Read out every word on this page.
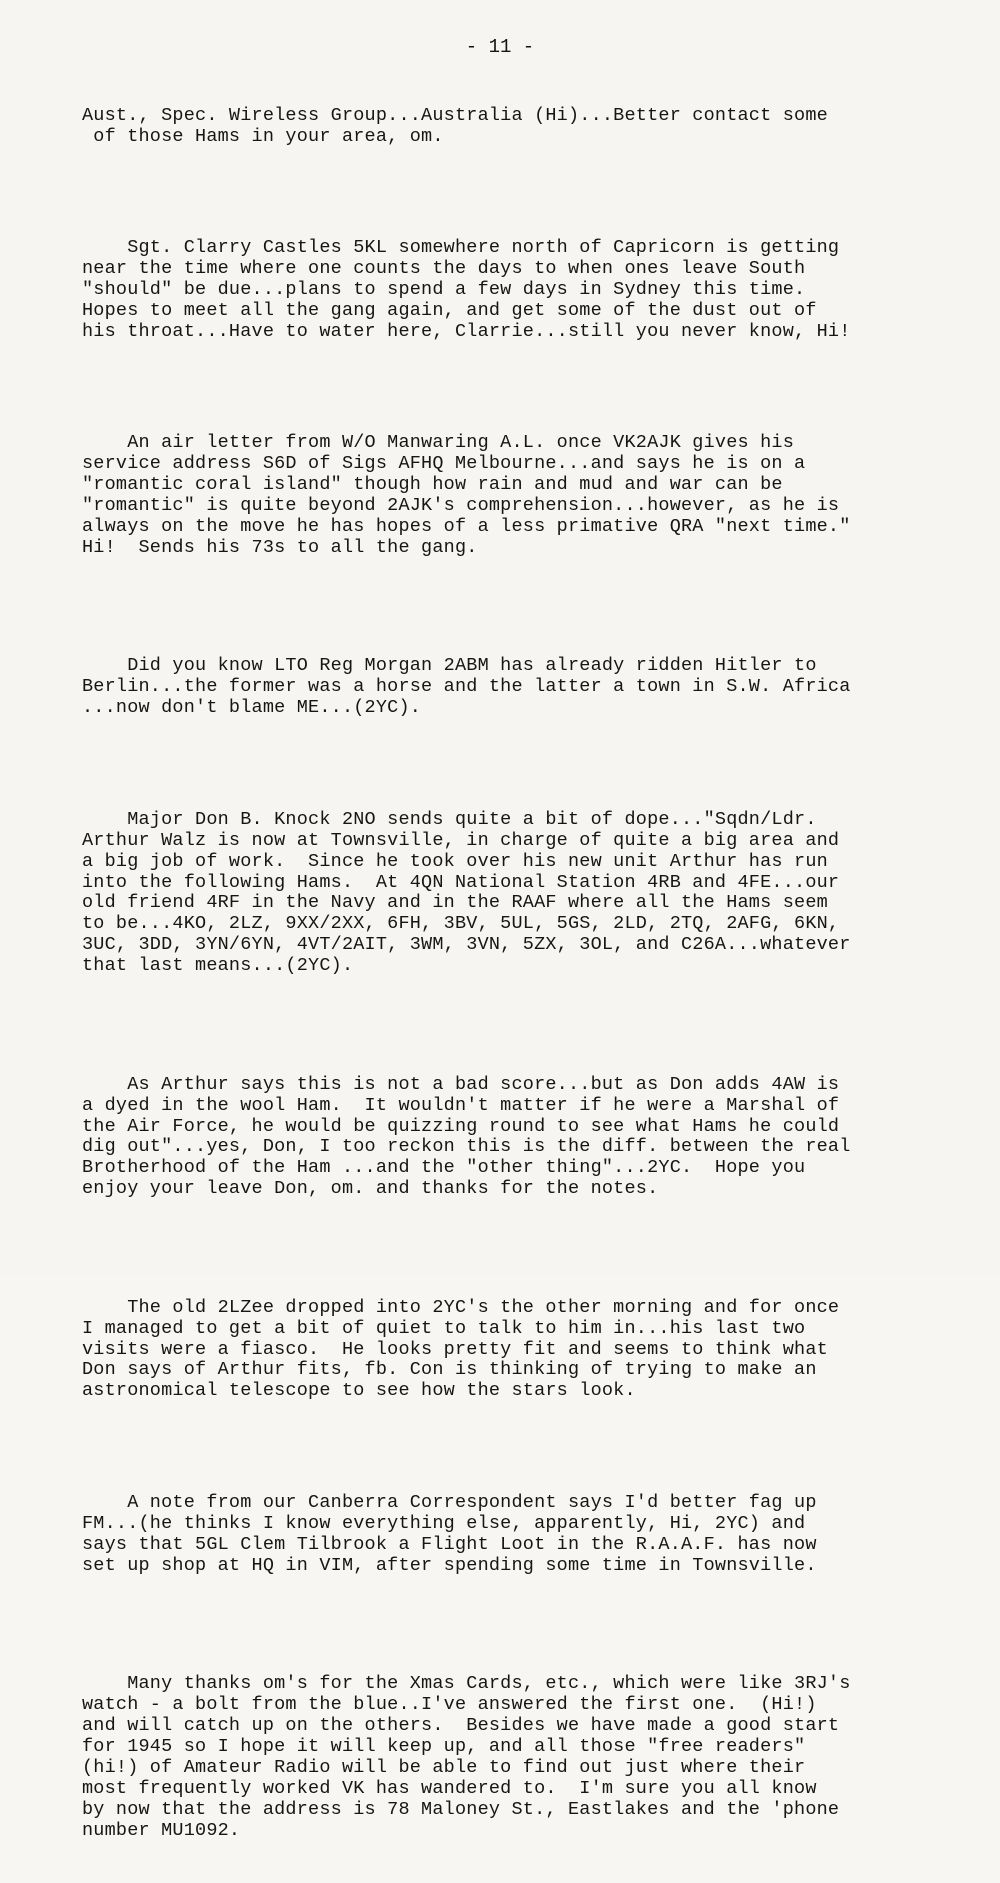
- 11 -

Aust., Spec. Wireless Group...Australia (Hi)...Better contact some
of those Hams in your area, om.

Sgt. Clarry Castles 5KL somewhere north of Capricorn is getting
near the time where one counts the days to when ones leave South
"should" be due...plans to spend a few days in Sydney this time.
Hopes to meet all the gang again, and get some of the dust out of
his throat...Have to water here, Clarrie...still you never know, Hi!

An air letter from W/O Manwaring A.L. once VK2AJK gives his
service address S6D of Sigs AFHQ Melbourne...and says he is on a
"romantic coral island" though how rain and mud and war can be
"romantic" is quite beyond 2AJK's comprehension...however, as he is
always on the move he has hopes of a less primative QRA "next time."
Hi!  Sends his 73s to all the gang.

Did you know LTO Reg Morgan 2ABM has already ridden Hitler to
Berlin...the former was a horse and the latter a town in S.W. Africa
...now don't blame ME...(2YC).

Major Don B. Knock 2NO sends quite a bit of dope..."Sqdn/Ldr.
Arthur Walz is now at Townsville, in charge of quite a big area and
a big job of work.  Since he took over his new unit Arthur has run
into the following Hams.  At 4QN National Station 4RB and 4FE...our
old friend 4RF in the Navy and in the RAAF where all the Hams seem
to be...4KO, 2LZ, 9XX/2XX, 6FH, 3BV, 5UL, 5GS, 2LD, 2TQ, 2AFG, 6KN,
3UC, 3DD, 3YN/6YN, 4VT/2AIT, 3WM, 3VN, 5ZX, 3OL, and C26A...whatever
that last means...(2YC).

As Arthur says this is not a bad score...but as Don adds 4AW is
a dyed in the wool Ham.  It wouldn't matter if he were a Marshal of
the Air Force, he would be quizzing round to see what Hams he could
dig out"...yes, Don, I too reckon this is the diff. between the real
Brotherhood of the Ham ...and the "other thing"...2YC.  Hope you
enjoy your leave Don, om. and thanks for the notes.

The old 2LZee dropped into 2YC's the other morning and for once
I managed to get a bit of quiet to talk to him in...his last two
visits were a fiasco.  He looks pretty fit and seems to think what
Don says of Arthur fits, fb. Con is thinking of trying to make an
astronomical telescope to see how the stars look.

A note from our Canberra Correspondent says I'd better fag up
FM...(he thinks I know everything else, apparently, Hi, 2YC) and
says that 5GL Clem Tilbrook a Flight Loot in the R.A.A.F. has now
set up shop at HQ in VIM, after spending some time in Townsville.

Many thanks om's for the Xmas Cards, etc., which were like 3RJ's
watch - a bolt from the blue..I've answered the first one.  (Hi!)
and will catch up on the others.  Besides we have made a good start
for 1945 so I hope it will keep up, and all those "free readers"
(hi!) of Amateur Radio will be able to find out just where their
most frequently worked VK has wandered to.  I'm sure you all know
by now that the address is 78 Maloney St., Eastlakes and the 'phone
number MU1092.
